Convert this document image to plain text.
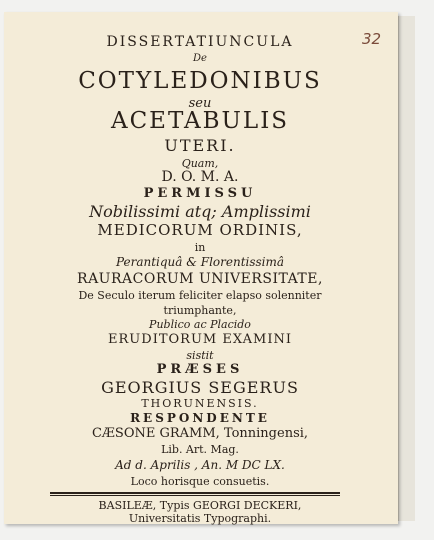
32
DISSERTATIUNCULA
De
COTYLEDONIBUS
seu
ACETABULIS
UTERI.
Quam,
D. O. M. A.
PERMISSU
Nobilissimi atq; Amplissimi
MEDICORUM ORDINIS,
in
Perantiquâ & Florentissimâ
RAURACORUM UNIVERSITATE,
De Seculo iterum feliciter elapso solenniter
triumphante,
Publico ac Placido
ERUDITORUM EXAMINI
sistit
PRÆSES
GEORGIUS SEGERUS
THORUNENSIS.
RESPONDENTE
CÆSONE GRAMM, Tonningensi,
Lib. Art. Mag.
Ad d. Aprilis , An. M DC LX.
Loco horisque consuetis.
BASILEÆ, Typis GEORGI DECKERI,
Universitatis Typographi.
